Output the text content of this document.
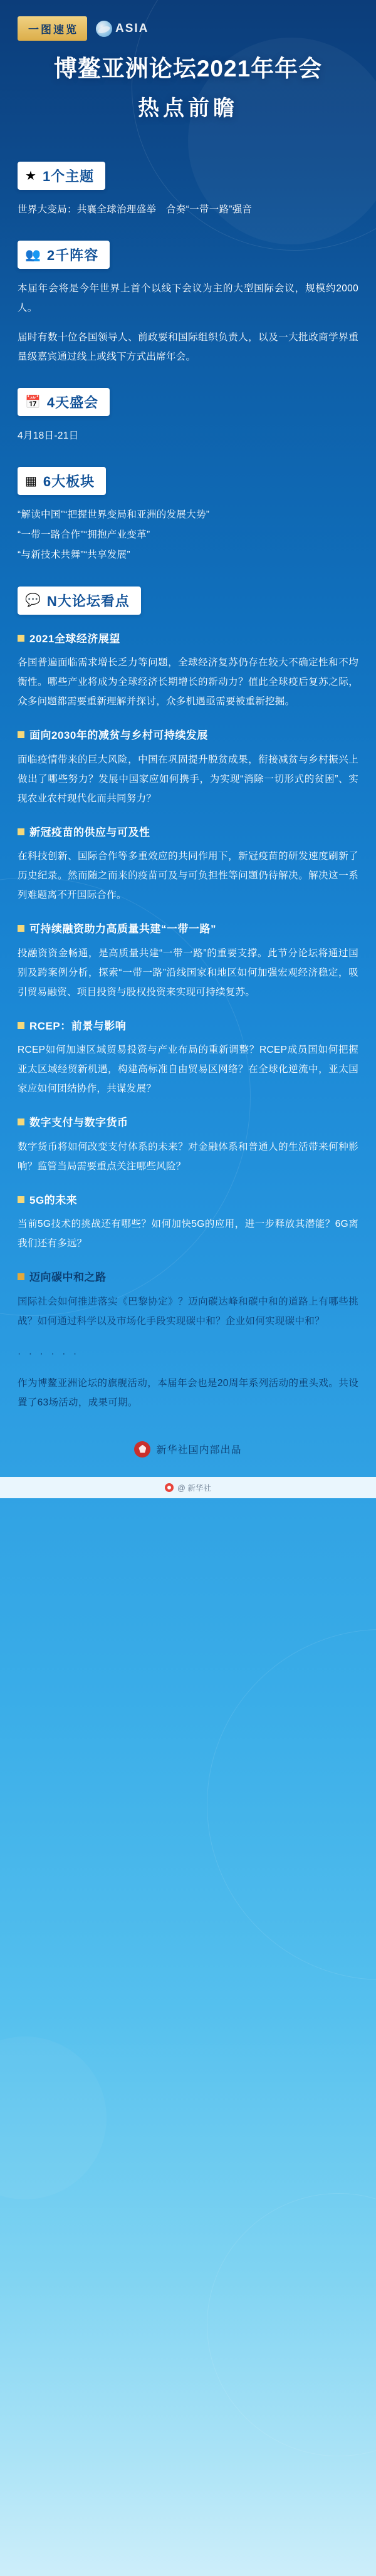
一图速览	ASIA
博鳌亚洲论坛2021年年会
热点前瞻
★ 1个主题
世界大变局：共襄全球治理盛举　合奏“一带一路”强音
👥 2千阵容
本届年会将是今年世界上首个以线下会议为主的大型国际会议，规模约2000人。
届时有数十位各国领导人、前政要和国际组织负责人，以及一大批政商学界重量级嘉宾通过线上或线下方式出席年会。
📅 4天盛会
4月18日-21日
▦ 6大板块
“解读中国”“把握世界变局和亚洲的发展大势”
“一带一路合作”“拥抱产业变革”
“与新技术共舞”“共享发展”
💬 N大论坛看点
2021全球经济展望
各国普遍面临需求增长乏力等问题，全球经济复苏仍存在较大不确定性和不均衡性。哪些产业将成为全球经济长期增长的新动力？值此全球疫后复苏之际，众多问题都需要重新理解并探讨，众多机遇亟需要被重新挖掘。
面向2030年的减贫与乡村可持续发展
面临疫情带来的巨大风险，中国在巩固提升脱贫成果，衔接减贫与乡村振兴上做出了哪些努力？发展中国家应如何携手，为实现“消除一切形式的贫困”、实现农业农村现代化而共同努力？
新冠疫苗的供应与可及性
在科技创新、国际合作等多重效应的共同作用下，新冠疫苗的研发速度刷新了历史纪录。然而随之而来的疫苗可及与可负担性等问题仍待解决。解决这一系列难题离不开国际合作。
可持续融资助力高质量共建“一带一路”
投融资资金畅通，是高质量共建“一带一路”的重要支撑。此节分论坛将通过国别及跨案例分析，探索“一带一路”沿线国家和地区如何加强宏观经济稳定，吸引贸易融资、项目投资与股权投资来实现可持续复苏。
RCEP：前景与影响
RCEP如何加速区域贸易投资与产业布局的重新调整？RCEP成员国如何把握亚太区域经贸新机遇，构建高标准自由贸易区网络？在全球化逆流中，亚太国家应如何团结协作，共谋发展？
数字支付与数字货币
数字货币将如何改变支付体系的未来？对金融体系和普通人的生活带来何种影响？监管当局需要重点关注哪些风险？
5G的未来
当前5G技术的挑战还有哪些？如何加快5G的应用，进一步释放其潜能？6G离我们还有多远？
迈向碳中和之路
国际社会如何推进落实《巴黎协定》？迈向碳达峰和碳中和的道路上有哪些挑战？如何通过科学以及市场化手段实现碳中和？企业如何实现碳中和？
· · · · · ·
作为博鳌亚洲论坛的旗舰活动，本届年会也是20周年系列活动的重头戏。共设置了63场活动，成果可期。
新华社国内部出品
@ 新华社
